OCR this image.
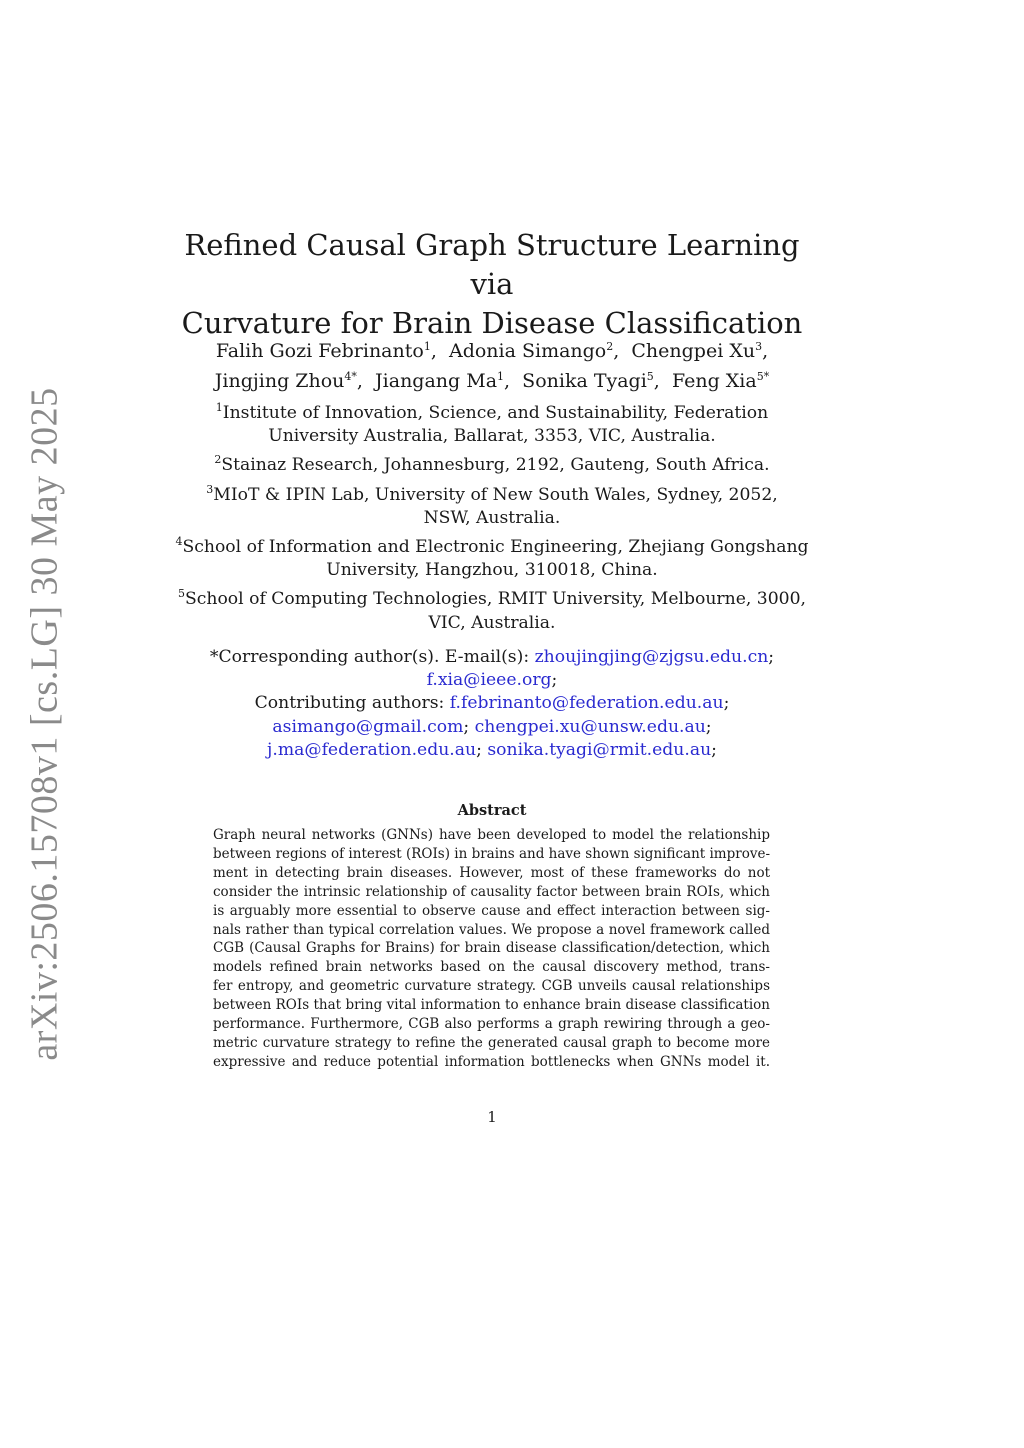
arXiv:2506.15708v1 [cs.LG] 30 May 2025
Refined Causal Graph Structure Learning via
Curvature for Brain Disease Classification
Falih Gozi Febrinanto$^1$, Adonia Simango$^2$, Chengpei Xu$^3$,
Jingjing Zhou$^{4*}$, Jiangang Ma$^1$, Sonika Tyagi$^5$, Feng Xia$^{5*}$
$^1$Institute of Innovation, Science, and Sustainability, Federation
University Australia, Ballarat, 3353, VIC, Australia.
$^2$Stainaz Research, Johannesburg, 2192, Gauteng, South Africa.
$^3$MIoT & IPIN Lab, University of New South Wales, Sydney, 2052,
NSW, Australia.
$^4$School of Information and Electronic Engineering, Zhejiang Gongshang
University, Hangzhou, 310018, China.
$^5$School of Computing Technologies, RMIT University, Melbourne, 3000,
VIC, Australia.
*Corresponding author(s). E-mail(s): zhoujingjing@zjgsu.edu.cn;
f.xia@ieee.org;
Contributing authors: f.febrinanto@federation.edu.au;
asimango@gmail.com; chengpei.xu@unsw.edu.au;
j.ma@federation.edu.au; sonika.tyagi@rmit.edu.au;
Abstract
Graph neural networks (GNNs) have been developed to model the relationship
between regions of interest (ROIs) in brains and have shown significant improve-
ment in detecting brain diseases. However, most of these frameworks do not
consider the intrinsic relationship of causality factor between brain ROIs, which
is arguably more essential to observe cause and effect interaction between sig-
nals rather than typical correlation values. We propose a novel framework called
CGB (Causal Graphs for Brains) for brain disease classification/detection, which
models refined brain networks based on the causal discovery method, trans-
fer entropy, and geometric curvature strategy. CGB unveils causal relationships
between ROIs that bring vital information to enhance brain disease classification
performance. Furthermore, CGB also performs a graph rewiring through a geo-
metric curvature strategy to refine the generated causal graph to become more
expressive and reduce potential information bottlenecks when GNNs model it.
1
